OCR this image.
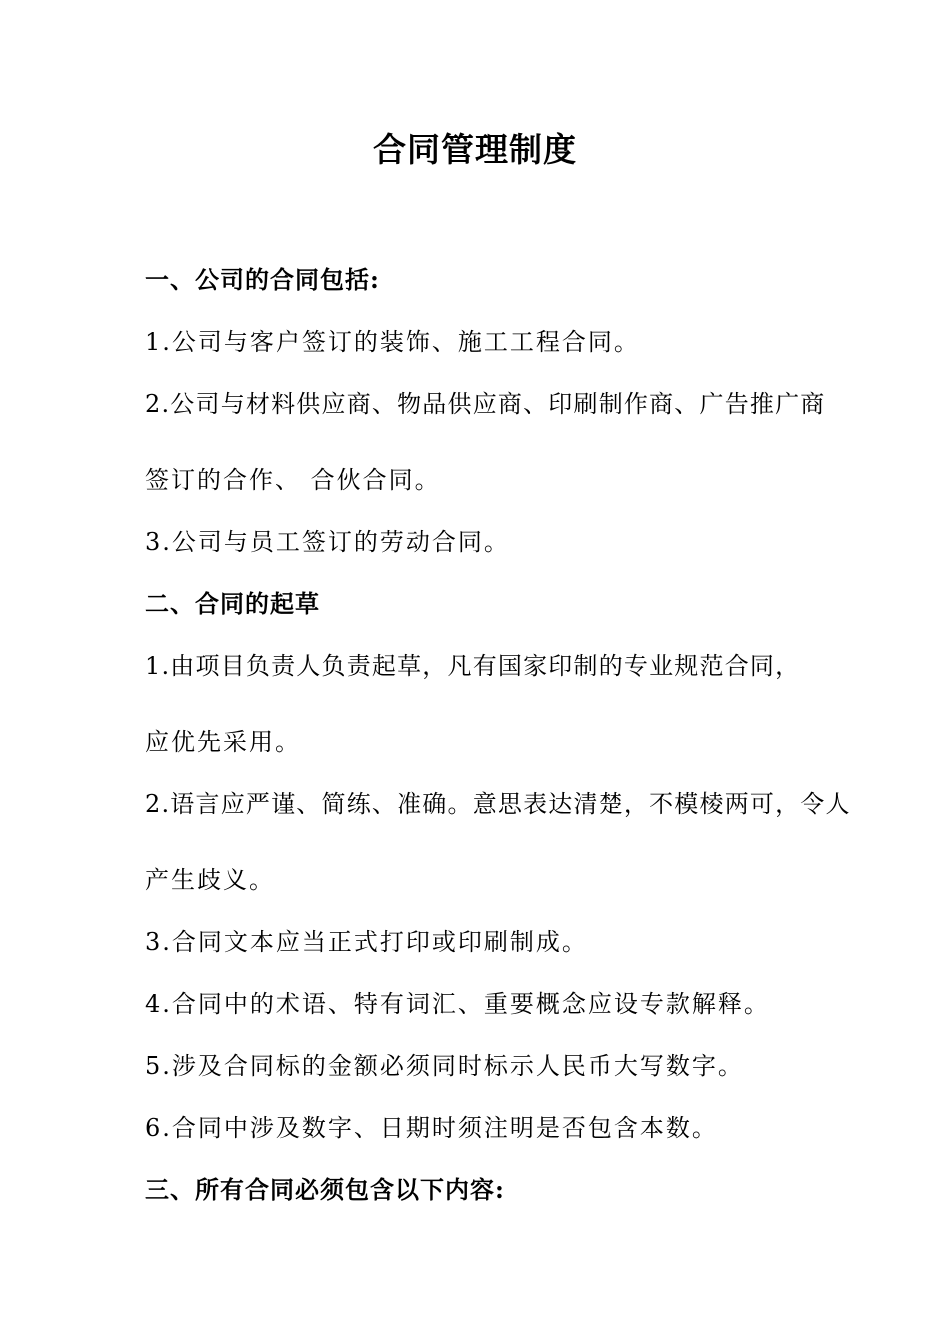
合同管理制度
一、公司的合同包括:
1.公司与客户签订的装饰、施工工程合同。
2.公司与材料供应商、物品供应商、印刷制作商、广告推广商
签订的合作、 合伙合同。
3.公司与员工签订的劳动合同。
二、合同的起草
1.由项目负责人负责起草，凡有国家印制的专业规范合同，
应优先采用。
2.语言应严谨、简练、准确。意思表达清楚，不模棱两可，令人
产生歧义。
3.合同文本应当正式打印或印刷制成。
4.合同中的术语、特有词汇、重要概念应设专款解释。
5.涉及合同标的金额必须同时标示人民币大写数字。
6.合同中涉及数字、日期时须注明是否包含本数。
三、所有合同必须包含以下内容:
